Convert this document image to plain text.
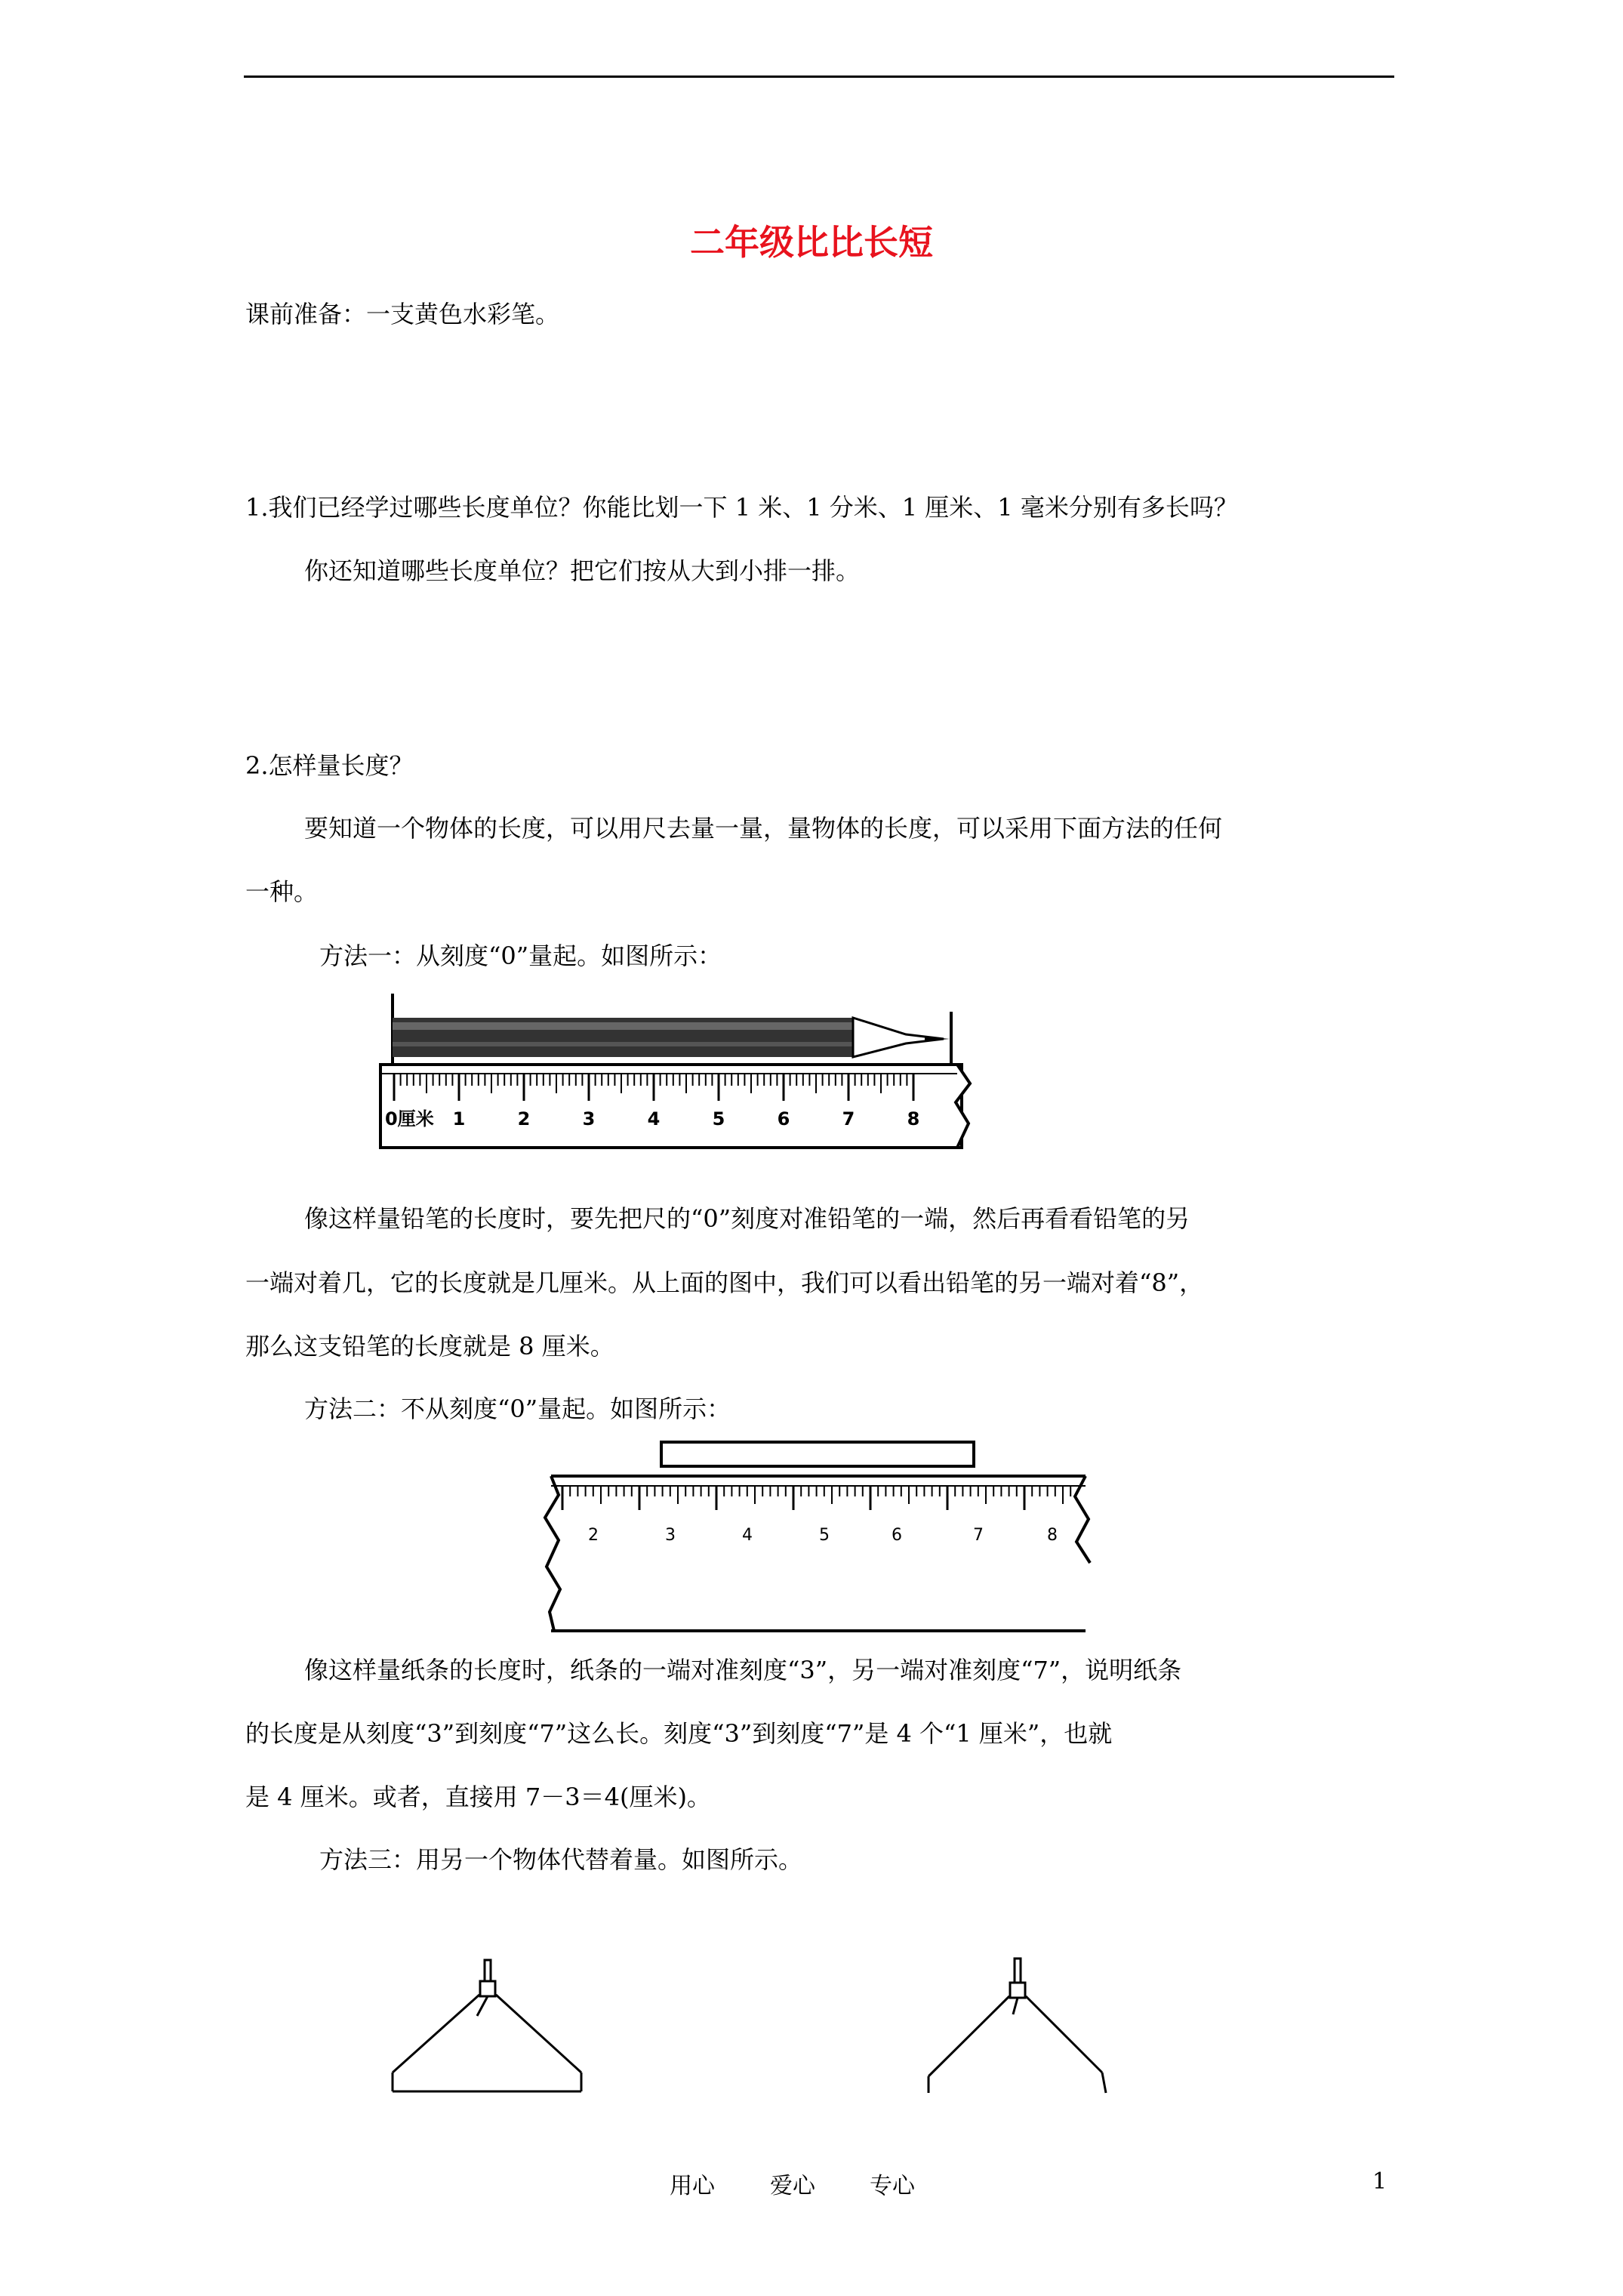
二年级比比长短
课前准备：一支黄色水彩笔。
1.我们已经学过哪些长度单位？你能比划一下 1 米、1 分米、1 厘米、1 毫米分别有多长吗？
你还知道哪些长度单位？把它们按从大到小排一排。
2.怎样量长度？
要知道一个物体的长度，可以用尺去量一量，量物体的长度，可以采用下面方法的任何
一种。
方法一：从刻度“0”量起。如图所示：
0厘米 1	2	3	4	5	6	7	8
像这样量铅笔的长度时，要先把尺的“0”刻度对准铅笔的一端，然后再看看铅笔的另
一端对着几，它的长度就是几厘米。从上面的图中，我们可以看出铅笔的另一端对着“8”，
那么这支铅笔的长度就是 8 厘米。
方法二：不从刻度“0”量起。如图所示：
2	3	4	5	6	7	8
像这样量纸条的长度时，纸条的一端对准刻度“3”，另一端对准刻度“7”，说明纸条
的长度是从刻度“3”到刻度“7”这么长。刻度“3”到刻度“7”是 4 个“1 厘米”，也就
是 4 厘米。或者，直接用 7－3＝4(厘米)。
方法三：用另一个物体代替着量。如图所示。
用心 爱心 专心	1
